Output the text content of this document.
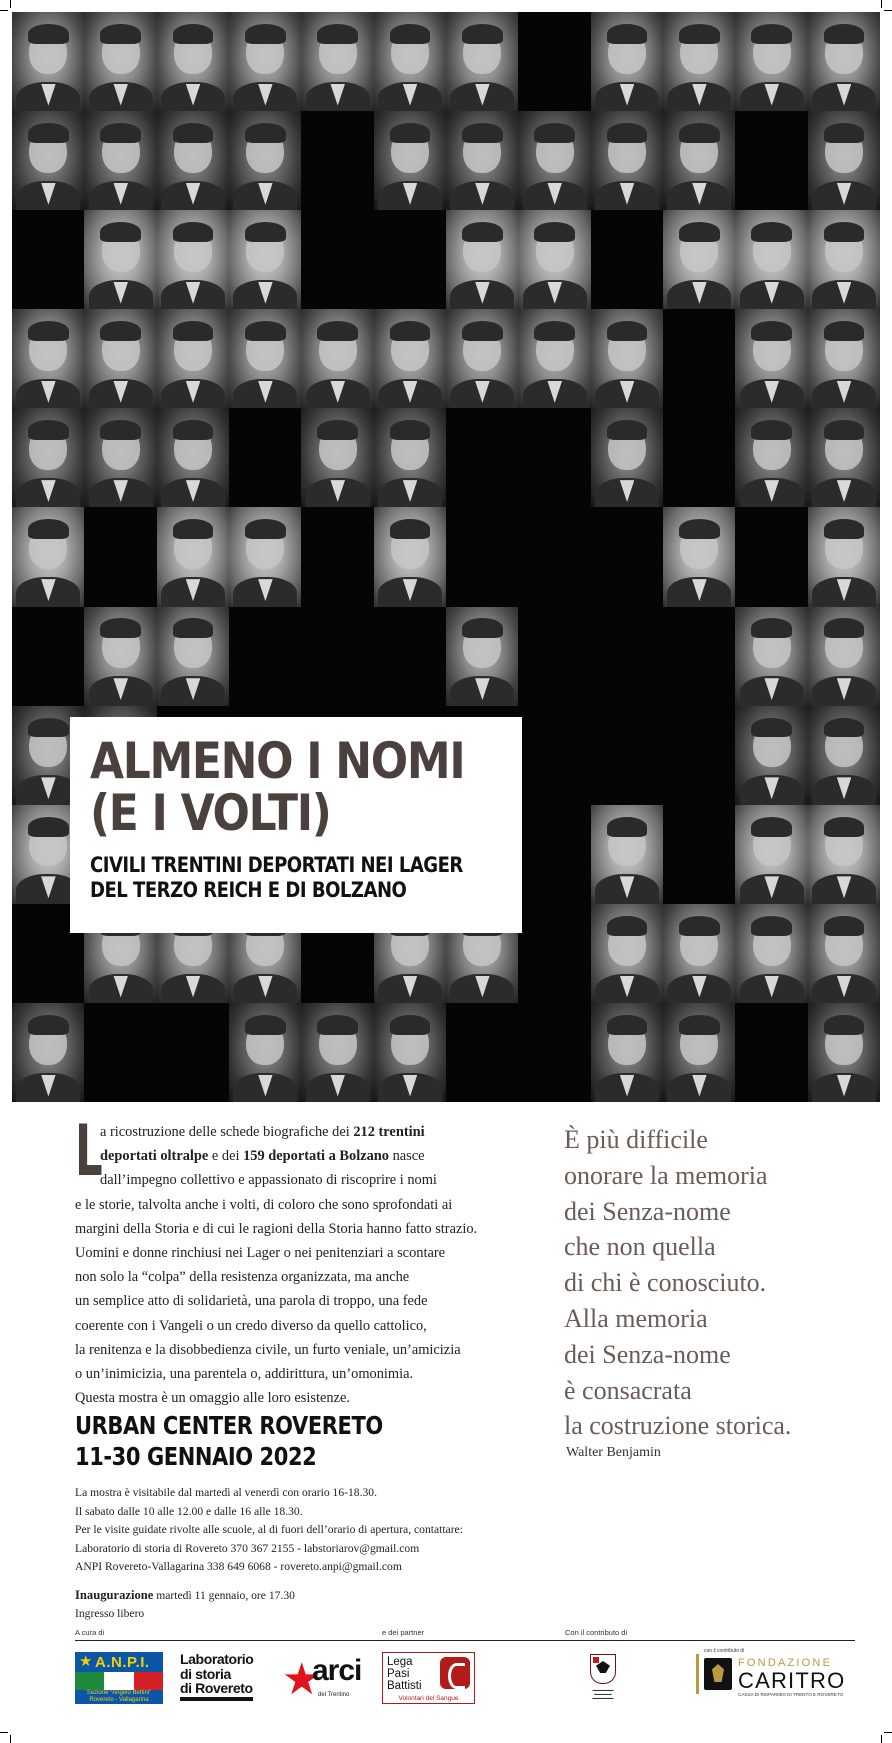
ALMENO I NOMI
(E I VOLTI)
CIVILI TRENTINI DEPORTATI NEI LAGER
DEL TERZO REICH E DI BOLZANO
L
a ricostruzione delle schede biografiche dei 212 trentini
deportati oltralpe e dei 159 deportati a Bolzano nasce
dall’impegno collettivo e appassionato di riscoprire i nomi
e le storie, talvolta anche i volti, di coloro che sono sprofondati ai
margini della Storia e di cui le ragioni della Storia hanno fatto strazio.
Uomini e donne rinchiusi nei Lager o nei penitenziari a scontare
non solo la “colpa” della resistenza organizzata, ma anche
un semplice atto di solidarietà, una parola di troppo, una fede
coerente con i Vangeli o un credo diverso da quello cattolico,
la renitenza e la disobbedienza civile, un furto veniale, un’amicizia
o un’inimicizia, una parentela o, addirittura, un’omonimia.
Questa mostra è un omaggio alle loro esistenze.
URBAN CENTER ROVERETO
11-30 GENNAIO 2022
La mostra è visitabile dal martedì al venerdì con orario 16-18.30.
Il sabato dalle 10 alle 12.00 e dalle 16 alle 18.30.
Per le visite guidate rivolte alle scuole, al di fuori dell’orario di apertura, contattare:
Laboratorio di storia di Rovereto 370 367 2155 - labstoriarov@gmail.com
ANPI Rovereto-Vallagarina 338 649 6068 - rovereto.anpi@gmail.com
Inaugurazione martedì 11 gennaio, ore 17.30
Ingresso libero
È più difficile
onorare la memoria
dei Senza-nome
che non quella
di chi è conosciuto.
Alla memoria
dei Senza-nome
è consacrata
la costruzione storica.
Walter Benjamin
A cura di	e dei partner	Con il contributo di
★ A.N.P.I.
Sezione “Angelo Bettini”
Rovereto - Vallagarina
Laboratorio
di storia
di Rovereto ★
arci
del Trentino
Lega
Pasi
Battisti
Volontari del Sangue
▬▬▬▬▬▬
▬▬▬▬▬
▬▬▬▬▬▬
con il contributo di
FONDAZIONE
CARITRO
CASSA DI RISPARMIO DI TRENTO E ROVERETO
